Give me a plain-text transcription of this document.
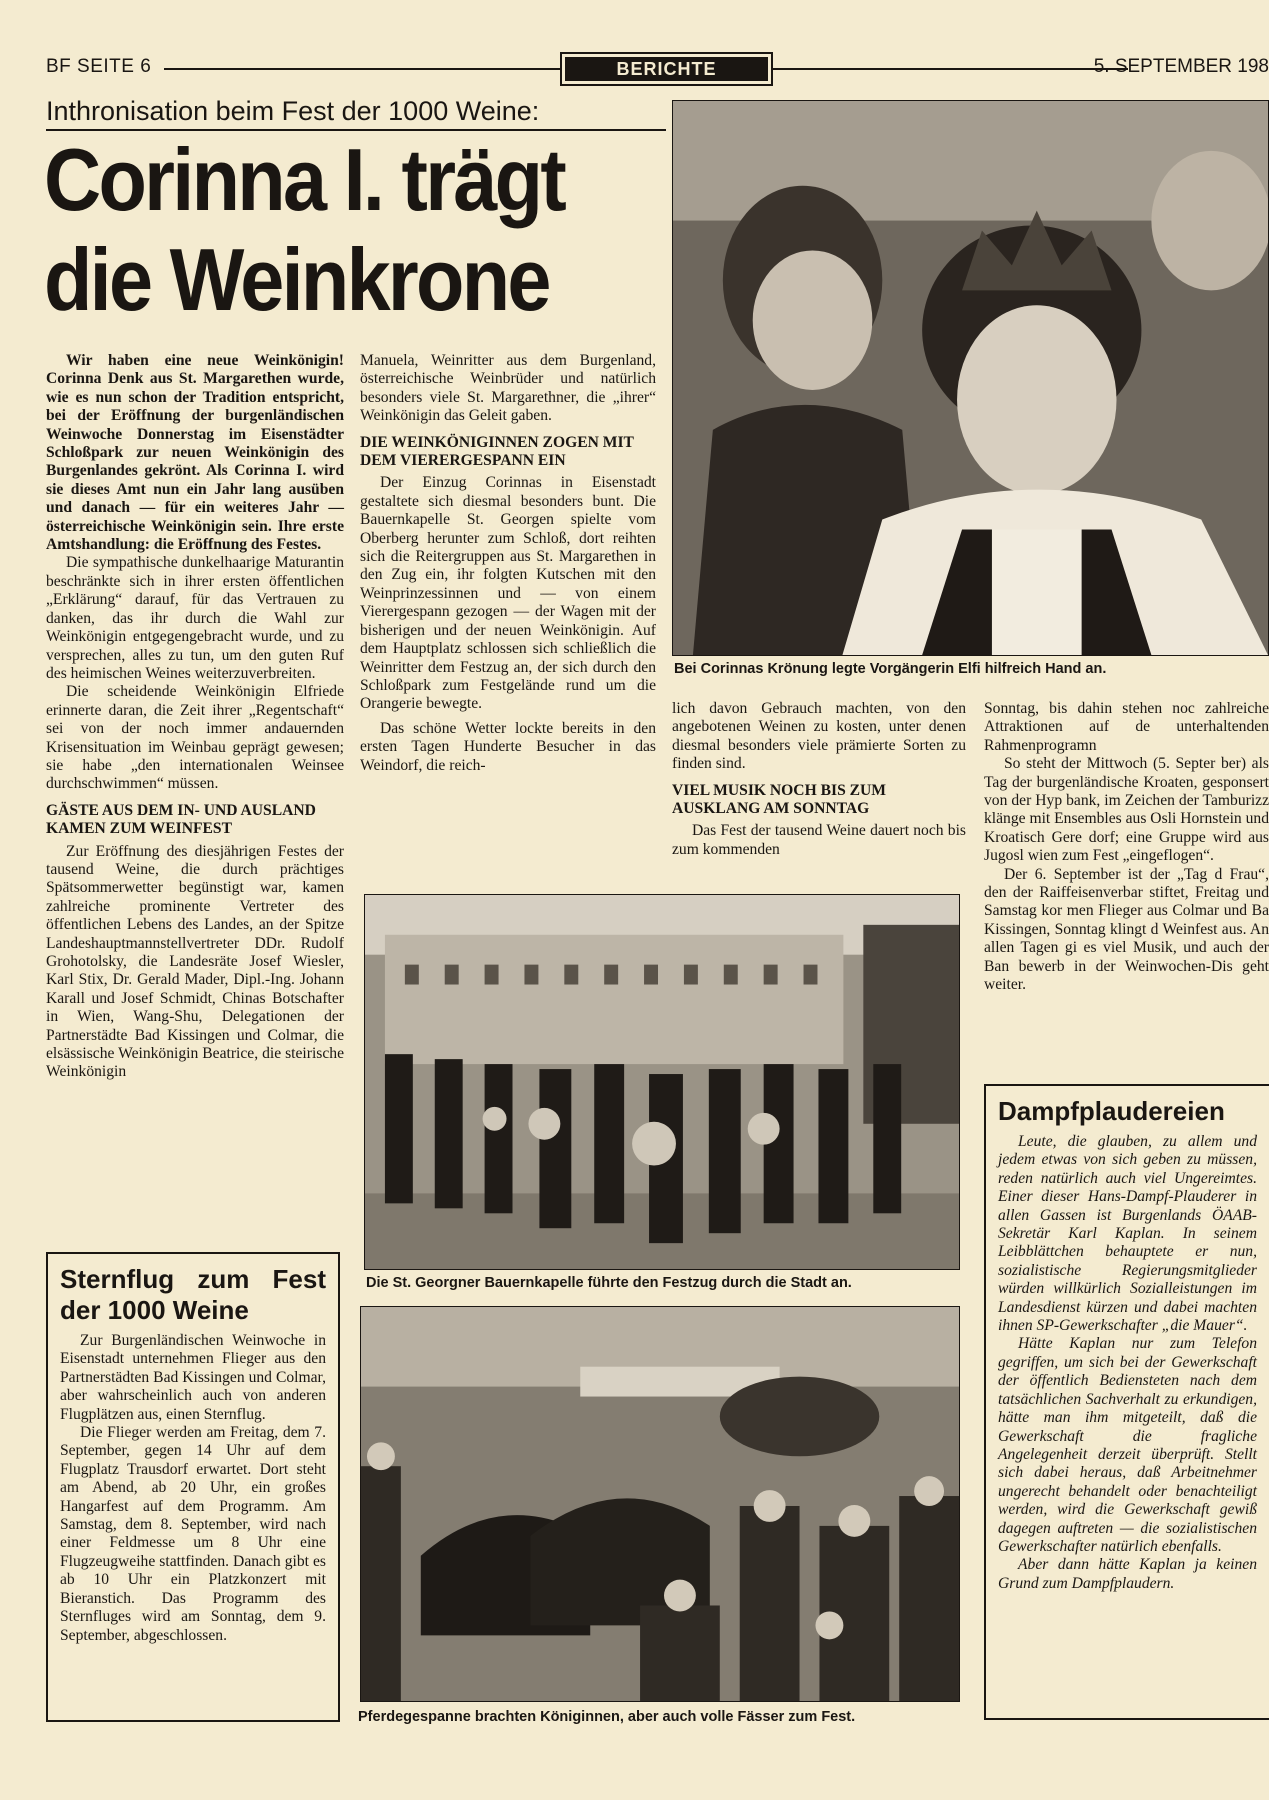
BF SEITE 6	BERICHTE	5. SEPTEMBER 198
Inthronisation beim Fest der 1000 Weine:
Corinna I. trägt
die Weinkrone

Wir haben eine neue Weinkönigin! Corinna Denk aus St. Margarethen wurde, wie es nun schon der Tradition entspricht, bei der Eröffnung der burgenländischen Weinwoche Donnerstag im Eisenstädter Schloßpark zur neuen Weinkönigin des Burgenlandes gekrönt. Als Corinna I. wird sie dieses Amt nun ein Jahr lang ausüben und danach — für ein weiteres Jahr — österreichische Weinkönigin sein. Ihre erste Amtshandlung: die Eröffnung des Festes.

Die sympathische dunkelhaarige Maturantin beschränkte sich in ihrer ersten öffentlichen „Erklärung“ darauf, für das Vertrauen zu danken, das ihr durch die Wahl zur Weinkönigin entgegengebracht wurde, und zu versprechen, alles zu tun, um den guten Ruf des heimischen Weines weiterzuverbreiten.

Die scheidende Weinkönigin Elfriede erinnerte daran, die Zeit ihrer „Regentschaft“ sei von der noch immer andauernden Krisensituation im Weinbau geprägt gewesen; sie habe „den internationalen Weinsee durchschwimmen“ müssen.

GÄSTE AUS DEM IN- UND AUSLAND KAMEN ZUM WEINFEST

Zur Eröffnung des diesjährigen Festes der tausend Weine, die durch prächtiges Spätsommerwetter begünstigt war, kamen zahlreiche prominente Vertreter des öffentlichen Lebens des Landes, an der Spitze Landeshauptmannstellvertreter DDr. Rudolf Grohotolsky, die Landesräte Josef Wiesler, Karl Stix, Dr. Gerald Mader, Dipl.-Ing. Johann Karall und Josef Schmidt, Chinas Botschafter in Wien, Wang-Shu, Delegationen der Partnerstädte Bad Kissingen und Colmar, die elsässische Weinkönigin Beatrice, die steirische Weinkönigin

Manuela, Weinritter aus dem Burgenland, österreichische Weinbrüder und natürlich besonders viele St. Margarethner, die „ihrer“ Weinkönigin das Geleit gaben.

DIE WEINKÖNIGINNEN ZOGEN MIT DEM VIERERGESPANN EIN

Der Einzug Corinnas in Eisenstadt gestaltete sich diesmal besonders bunt. Die Bauernkapelle St. Georgen spielte vom Oberberg herunter zum Schloß, dort reihten sich die Reitergruppen aus St. Margarethen in den Zug ein, ihr folgten Kutschen mit den Weinprinzessinnen und — von einem Vierergespann gezogen — der Wagen mit der bisherigen und der neuen Weinkönigin. Auf dem Hauptplatz schlossen sich schließlich die Weinritter dem Festzug an, der sich durch den Schloßpark zum Festgelände rund um die Orangerie bewegte.

Das schöne Wetter lockte bereits in den ersten Tagen Hunderte Besucher in das Weindorf, die reich-

Bei Corinnas Krönung legte Vorgängerin Elfi hilfreich Hand an.

lich davon Gebrauch machten, von den angebotenen Weinen zu kosten, unter denen diesmal besonders viele prämierte Sorten zu finden sind.

VIEL MUSIK NOCH BIS ZUM AUSKLANG AM SONNTAG

Das Fest der tausend Weine dauert noch bis zum kommenden

Sonntag, bis dahin stehen noc zahlreiche Attraktionen auf de unterhaltenden Rahmenprogramn

So steht der Mittwoch (5. Septer ber) als Tag der burgenländische Kroaten, gesponsert von der Hyp bank, im Zeichen der Tamburizz klänge mit Ensembles aus Osli Hornstein und Kroatisch Gere dorf; eine Gruppe wird aus Jugosl wien zum Fest „eingeflogen“.

Der 6. September ist der „Tag d Frau“, den der Raiffeisenverbar stiftet, Freitag und Samstag kor men Flieger aus Colmar und Ba Kissingen, Sonntag klingt d Weinfest aus. An allen Tagen gi es viel Musik, und auch der Ban bewerb in der Weinwochen-Dis geht weiter.

Die St. Georgner Bauernkapelle führte den Festzug durch die Stadt an.
Pferdegespanne brachten Königinnen, aber auch volle Fässer zum Fest.
Sternflug zum Fest der 1000 Weine

Zur Burgenländischen Weinwoche in Eisenstadt unternehmen Flieger aus den Partnerstädten Bad Kissingen und Colmar, aber wahrscheinlich auch von anderen Flugplätzen aus, einen Sternflug.

Die Flieger werden am Freitag, dem 7. September, gegen 14 Uhr auf dem Flugplatz Trausdorf erwartet. Dort steht am Abend, ab 20 Uhr, ein großes Hangarfest auf dem Programm. Am Samstag, dem 8. September, wird nach einer Feldmesse um 8 Uhr eine Flugzeugweihe stattfinden. Danach gibt es ab 10 Uhr ein Platzkonzert mit Bieranstich. Das Programm des Sternfluges wird am Sonntag, dem 9. September, abgeschlossen.

Dampfplaudereien

Leute, die glauben, zu allem und jedem etwas von sich geben zu müssen, reden natürlich auch viel Ungereimtes. Einer dieser Hans-Dampf-Plauderer in allen Gassen ist Burgenlands ÖAAB-Sekretär Karl Kaplan. In seinem Leibblättchen behauptete er nun, sozialistische Regierungsmitglieder würden willkürlich Sozialleistungen im Landesdienst kürzen und dabei machten ihnen SP-Gewerkschafter „die Mauer“.

Hätte Kaplan nur zum Telefon gegriffen, um sich bei der Gewerkschaft der öffentlich Bediensteten nach dem tatsächlichen Sachverhalt zu erkundigen, hätte man ihm mitgeteilt, daß die Gewerkschaft die fragliche Angelegenheit derzeit überprüft. Stellt sich dabei heraus, daß Arbeitnehmer ungerecht behandelt oder benachteiligt werden, wird die Gewerkschaft gewiß dagegen auftreten — die sozialistischen Gewerkschafter natürlich ebenfalls.

Aber dann hätte Kaplan ja keinen Grund zum Dampfplaudern.
